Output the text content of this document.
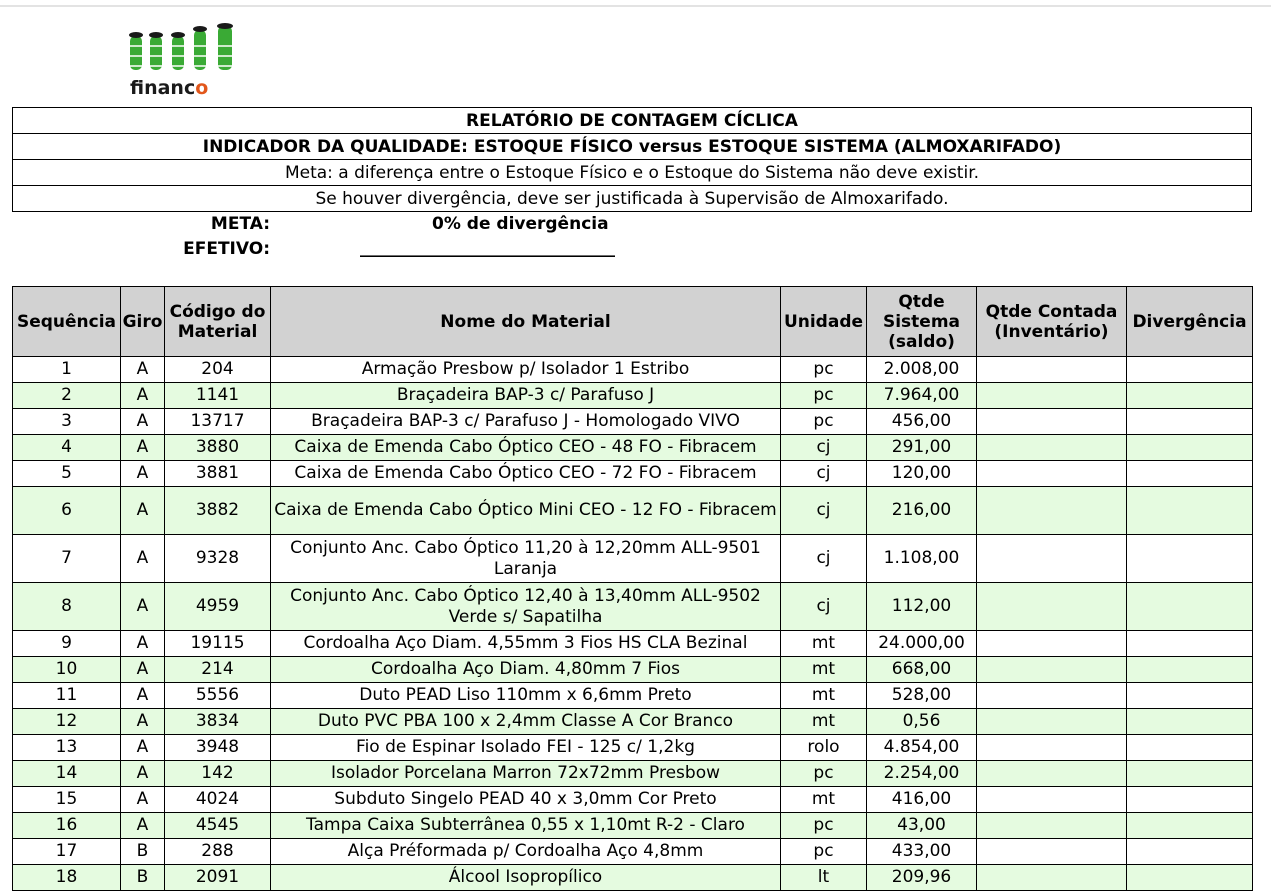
financo
RELATÓRIO DE CONTAGEM CÍCLICA
INDICADOR DA QUALIDADE: ESTOQUE FÍSICO versus ESTOQUE SISTEMA (ALMOXARIFADO)
Meta: a diferença entre o Estoque Físico e o Estoque do Sistema não deve existir.
Se houver divergência, deve ser justificada à Supervisão de Almoxarifado.
META:	0% de divergência
EFETIVO:	______________________________
Sequência	Giro	Código do Material	Nome do Material	Unidade	Qtde Sistema (saldo)	Qtde Contada (Inventário)	Divergência
1	A	204	Armação Presbow p/ Isolador 1 Estribo	pc	2.008,00		
2	A	1141	Braçadeira BAP-3 c/ Parafuso J	pc	7.964,00		
3	A	13717	Braçadeira BAP-3 c/ Parafuso J - Homologado VIVO	pc	456,00		
4	A	3880	Caixa de Emenda Cabo Óptico CEO - 48 FO - Fibracem	cj	291,00		
5	A	3881	Caixa de Emenda Cabo Óptico CEO - 72 FO - Fibracem	cj	120,00		
6	A	3882	Caixa de Emenda Cabo Óptico Mini CEO - 12 FO - Fibracem	cj	216,00		
7	A	9328	Conjunto Anc. Cabo Óptico 11,20 à 12,20mm ALL-9501 Laranja	cj	1.108,00		
8	A	4959	Conjunto Anc. Cabo Óptico 12,40 à 13,40mm ALL-9502 Verde s/ Sapatilha	cj	112,00		
9	A	19115	Cordoalha Aço Diam. 4,55mm 3 Fios HS CLA Bezinal	mt	24.000,00		
10	A	214	Cordoalha Aço Diam. 4,80mm 7 Fios	mt	668,00		
11	A	5556	Duto PEAD Liso 110mm x 6,6mm Preto	mt	528,00		
12	A	3834	Duto PVC PBA 100 x 2,4mm Classe A Cor Branco	mt	0,56		
13	A	3948	Fio de Espinar Isolado FEI - 125 c/ 1,2kg	rolo	4.854,00		
14	A	142	Isolador Porcelana Marron 72x72mm Presbow	pc	2.254,00		
15	A	4024	Subduto Singelo PEAD 40 x 3,0mm Cor Preto	mt	416,00		
16	A	4545	Tampa Caixa Subterrânea 0,55 x 1,10mt R-2 - Claro	pc	43,00		
17	B	288	Alça Préformada p/ Cordoalha Aço 4,8mm	pc	433,00		
18	B	2091	Álcool Isopropílico	lt	209,96		
